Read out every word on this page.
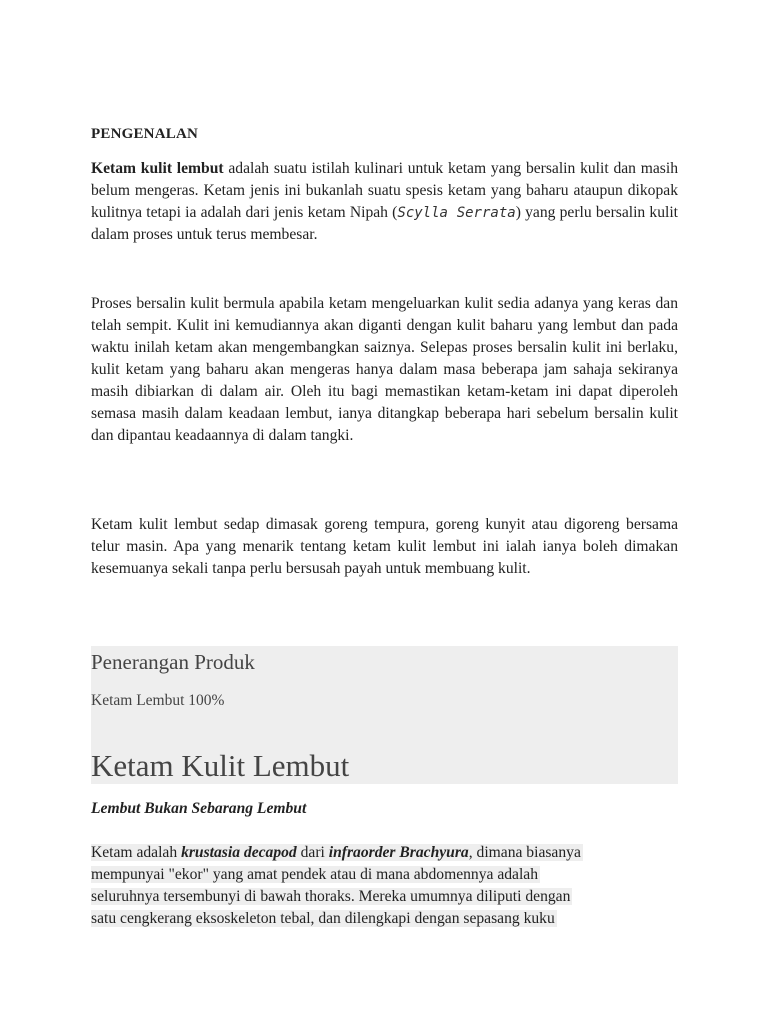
PENGENALAN
Ketam kulit lembut adalah suatu istilah kulinari untuk ketam yang bersalin kulit dan masih belum mengeras. Ketam jenis ini bukanlah suatu spesis ketam yang baharu ataupun dikopak kulitnya tetapi ia adalah dari jenis ketam Nipah (Scylla Serrata) yang perlu bersalin kulit dalam proses untuk terus membesar.
Proses bersalin kulit bermula apabila ketam mengeluarkan kulit sedia adanya yang keras dan telah sempit. Kulit ini kemudiannya akan diganti dengan kulit baharu yang lembut dan pada waktu inilah ketam akan mengembangkan saiznya. Selepas proses bersalin kulit ini berlaku, kulit ketam yang baharu akan mengeras hanya dalam masa beberapa jam sahaja sekiranya masih dibiarkan di dalam air. Oleh itu bagi memastikan ketam-ketam ini dapat diperoleh semasa masih dalam keadaan lembut, ianya ditangkap beberapa hari sebelum bersalin kulit dan dipantau keadaannya di dalam tangki.
Ketam kulit lembut sedap dimasak goreng tempura, goreng kunyit atau digoreng bersama telur masin. Apa yang menarik tentang ketam kulit lembut ini ialah ianya boleh dimakan kesemuanya sekali tanpa perlu bersusah payah untuk membuang kulit.
Penerangan Produk
Ketam Lembut 100%
Ketam Kulit Lembut
Lembut Bukan Sebarang Lembut
Ketam adalah krustasia decapod dari infraorder Brachyura, dimana biasanya
mempunyai "ekor" yang amat pendek atau di mana abdomennya adalah
seluruhnya tersembunyi di bawah thoraks. Mereka umumnya diliputi dengan
satu cengkerang eksoskeleton tebal, dan dilengkapi dengan sepasang kuku
